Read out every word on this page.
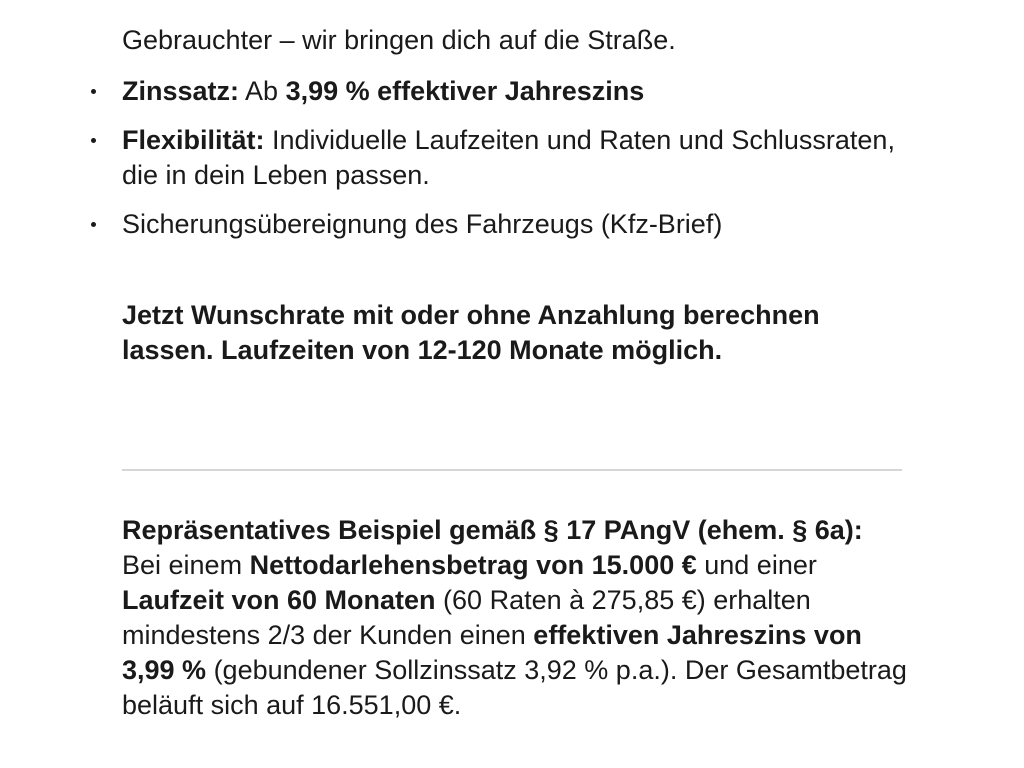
Gebrauchter – wir bringen dich auf die Straße.

Zinssatz: Ab 3,99 % effektiver Jahreszins
Flexibilität: Individuelle Laufzeiten und Raten und Schlussraten, die in dein Leben passen.
Sicherungsübereignung des Fahrzeugs (Kfz-Brief)

Jetzt Wunschrate mit oder ohne Anzahlung berechnen lassen. Laufzeiten von 12-120 Monate möglich.

Repräsentatives Beispiel gemäß § 17 PAngV (ehem. § 6a):
Bei einem Nettodarlehensbetrag von 15.000 € und einer Laufzeit von 60 Monaten (60 Raten à 275,85 €) erhalten mindestens 2/3 der Kunden einen effektiven Jahreszins von 3,99 % (gebundener Sollzinssatz 3,92 % p.a.). Der Gesamtbetrag beläuft sich auf 16.551,00 €.
